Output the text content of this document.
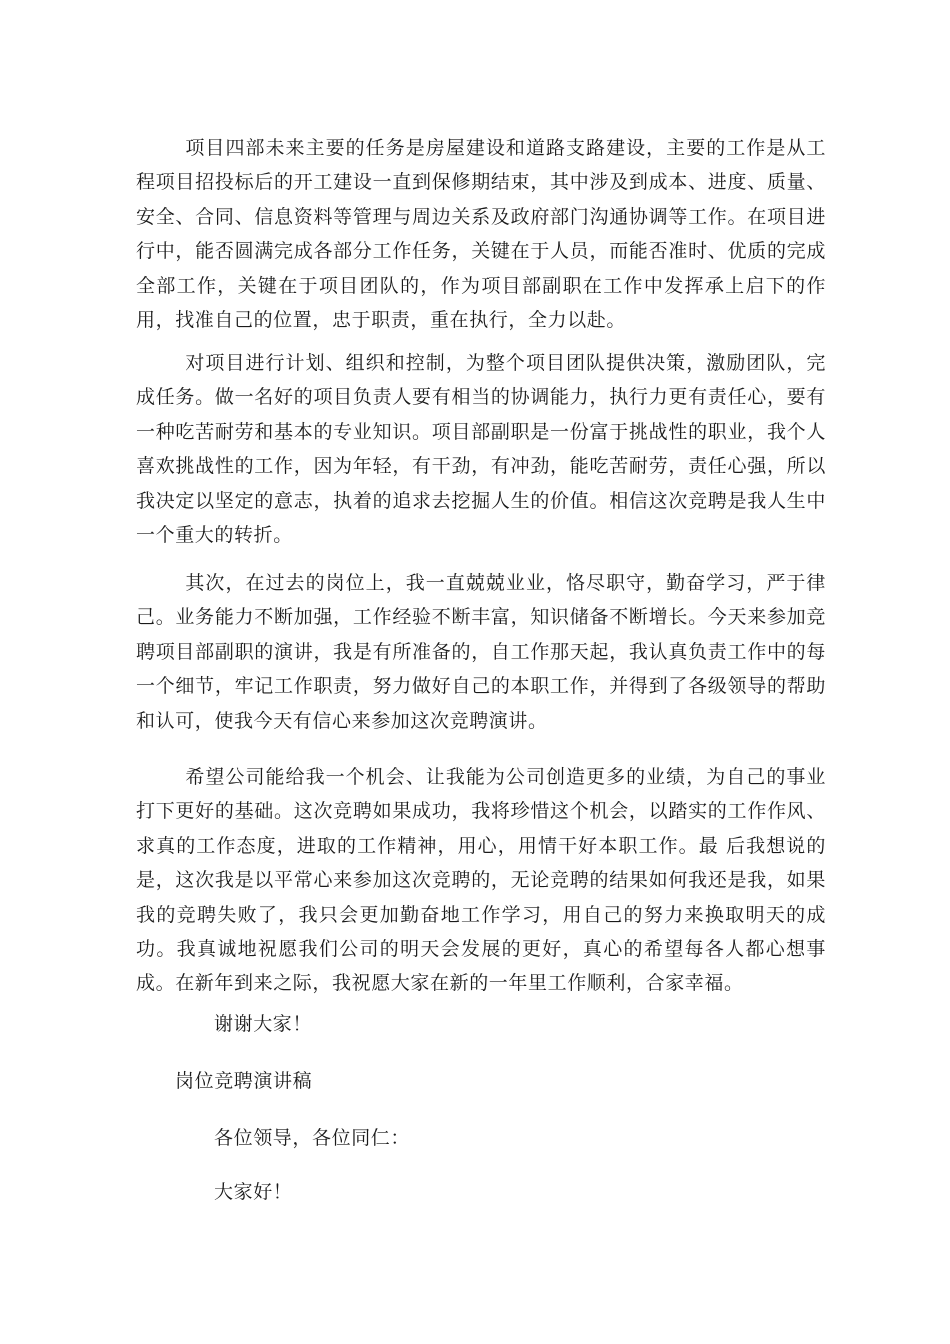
项目四部未来主要的任务是房屋建设和道路支路建设，主要的工作是从工程项目招投标后的开工建设一直到保修期结束，其中涉及到成本、进度、质量、安全、合同、信息资料等管理与周边关系及政府部门沟通协调等工作。在项目进行中，能否圆满完成各部分工作任务，关键在于人员，而能否准时、优质的完成全部工作，关键在于项目团队的，作为项目部副职在工作中发挥承上启下的作用，找准自己的位置，忠于职责，重在执行，全力以赴。

对项目进行计划、组织和控制，为整个项目团队提供决策，激励团队，完成任务。做一名好的项目负责人要有相当的协调能力，执行力更有责任心，要有一种吃苦耐劳和基本的专业知识。项目部副职是一份富于挑战性的职业，我个人喜欢挑战性的工作，因为年轻，有干劲，有冲劲，能吃苦耐劳，责任心强，所以我决定以坚定的意志，执着的追求去挖掘人生的价值。相信这次竞聘是我人生中一个重大的转折。

其次，在过去的岗位上，我一直兢兢业业，恪尽职守，勤奋学习，严于律己。业务能力不断加强，工作经验不断丰富，知识储备不断增长。今天来参加竞聘项目部副职的演讲，我是有所准备的，自工作那天起，我认真负责工作中的每一个细节，牢记工作职责，努力做好自己的本职工作，并得到了各级领导的帮助和认可，使我今天有信心来参加这次竞聘演讲。

希望公司能给我一个机会、让我能为公司创造更多的业绩，为自己的事业打下更好的基础。这次竞聘如果成功，我将珍惜这个机会，以踏实的工作作风、求真的工作态度，进取的工作精神，用心，用情干好本职工作。最 后我想说的是，这次我是以平常心来参加这次竞聘的，无论竞聘的结果如何我还是我，如果我的竞聘失败了，我只会更加勤奋地工作学习，用自己的努力来换取明天的成功。我真诚地祝愿我们公司的明天会发展的更好，真心的希望每各人都心想事成。在新年到来之际，我祝愿大家在新的一年里工作顺利，合家幸福。

谢谢大家！

岗位竞聘演讲稿

各位领导，各位同仁：

大家好！
